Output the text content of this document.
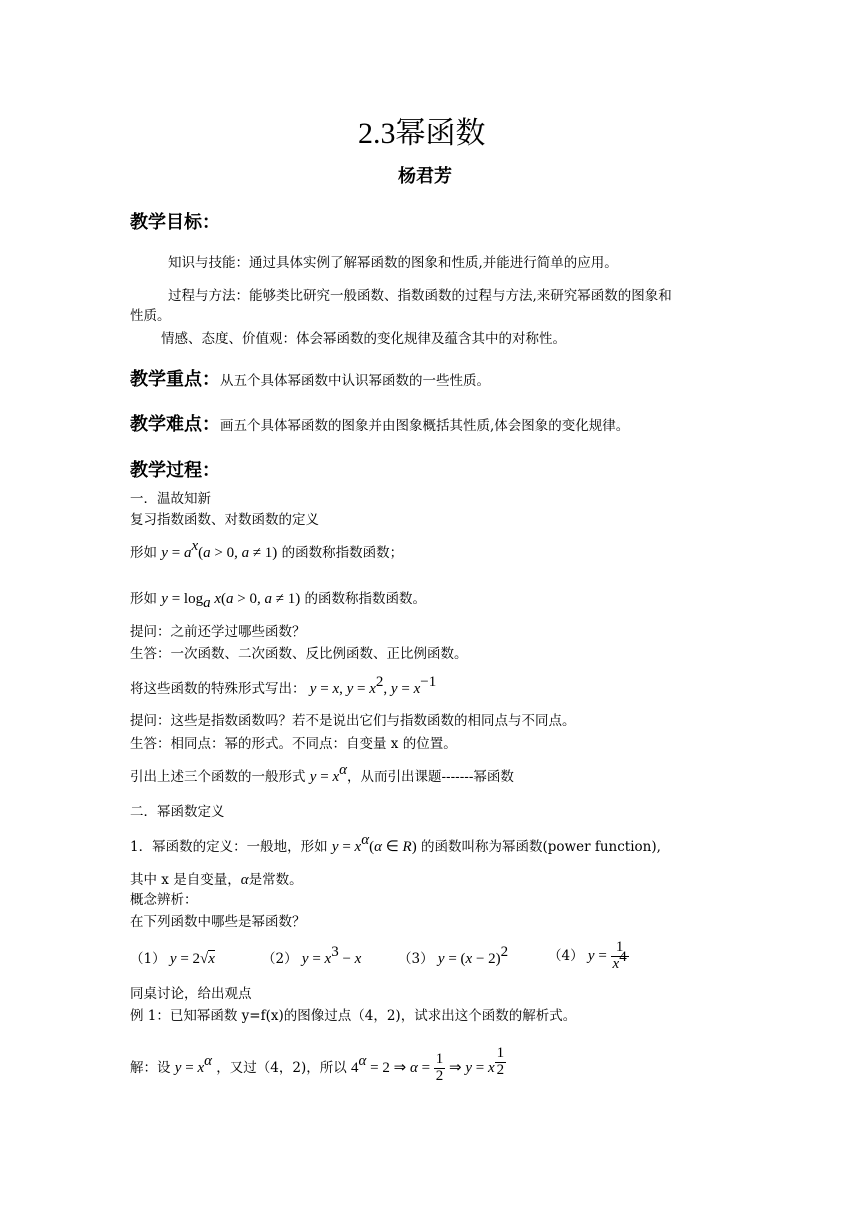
2.3幂函数
杨君芳
教学目标：
知识与技能：通过具体实例了解幂函数的图象和性质,并能进行简单的应用。
过程与方法：能够类比研究一般函数、指数函数的过程与方法,来研究幂函数的图象和
性质。
情感、态度、价值观：体会幂函数的变化规律及蕴含其中的对称性。
教学重点：从五个具体幂函数中认识幂函数的一些性质。
教学难点：画五个具体幂函数的图象并由图象概括其性质,体会图象的变化规律。
教学过程：
一．温故知新
复习指数函数、对数函数的定义
形如 $y = a^x(a > 0$, a ≠ 1) 的函数称指数函数；
形如 $y = \log_a x(a > 0$, a ≠ 1) 的函数称指数函数。
提问：之前还学过哪些函数？
生答：一次函数、二次函数、反比例函数、正比例函数。
将这些函数的特殊形式写出： y = x, $y = x^2$, $y = x^{-1}$
提问：这些是指数函数吗？若不是说出它们与指数函数的相同点与不同点。
生答：相同点：幂的形式。不同点：自变量 x 的位置。
引出上述三个函数的一般形式 $y = x^\alpha$，从而引出课题-------幂函数
二．幂函数定义
1．幂函数的定义：一般地，形如 $y = x^\alpha(\alpha$ ∈ R) 的函数叫称为幂函数(power function),
其中 x 是自变量，α是常数。
概念辨析：
在下列函数中哪些是幂函数？
（1） y = 2√x	（2） $y = x^3 - x$	（3） $y = (x - 2)^2$	（4） $y = \frac{1}{x^4}$
同桌讨论，给出观点
例 1：已知幂函数 y=f(x)的图像过点（4，2)，试求出这个函数的解析式。
解：设 $y = x^\alpha$ ，又过（4，2)，所以 $4^\alpha = 2$ ⇒ $\alpha = \frac{1}{2}$ ⇒ y = x $^{\frac{1}{2}}$
